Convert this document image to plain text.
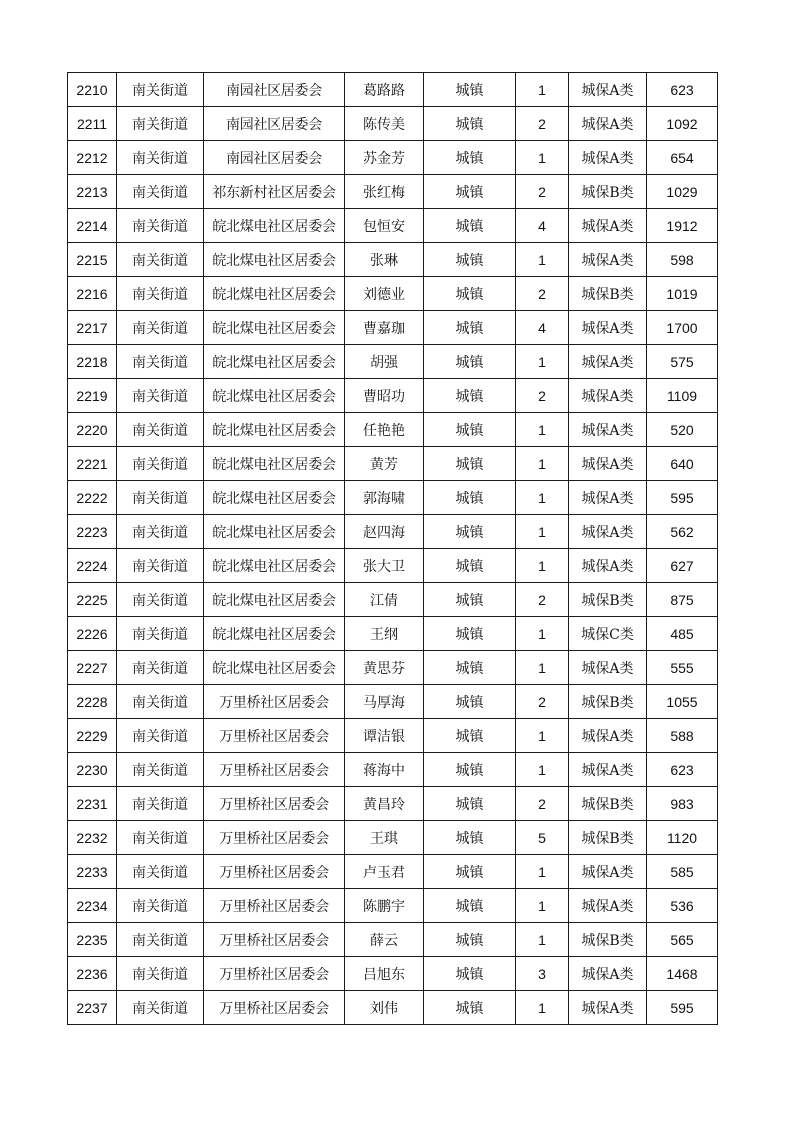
2210	南关街道	南园社区居委会	葛路路	城镇	1	城保A类	623
2211	南关街道	南园社区居委会	陈传美	城镇	2	城保A类	1092
2212	南关街道	南园社区居委会	苏金芳	城镇	1	城保A类	654
2213	南关街道	祁东新村社区居委会	张红梅	城镇	2	城保B类	1029
2214	南关街道	皖北煤电社区居委会	包恒安	城镇	4	城保A类	1912
2215	南关街道	皖北煤电社区居委会	张琳	城镇	1	城保A类	598
2216	南关街道	皖北煤电社区居委会	刘德业	城镇	2	城保B类	1019
2217	南关街道	皖北煤电社区居委会	曹嘉珈	城镇	4	城保A类	1700
2218	南关街道	皖北煤电社区居委会	胡强	城镇	1	城保A类	575
2219	南关街道	皖北煤电社区居委会	曹昭功	城镇	2	城保A类	1109
2220	南关街道	皖北煤电社区居委会	任艳艳	城镇	1	城保A类	520
2221	南关街道	皖北煤电社区居委会	黄芳	城镇	1	城保A类	640
2222	南关街道	皖北煤电社区居委会	郭海啸	城镇	1	城保A类	595
2223	南关街道	皖北煤电社区居委会	赵四海	城镇	1	城保A类	562
2224	南关街道	皖北煤电社区居委会	张大卫	城镇	1	城保A类	627
2225	南关街道	皖北煤电社区居委会	江倩	城镇	2	城保B类	875
2226	南关街道	皖北煤电社区居委会	王纲	城镇	1	城保C类	485
2227	南关街道	皖北煤电社区居委会	黄思芬	城镇	1	城保A类	555
2228	南关街道	万里桥社区居委会	马厚海	城镇	2	城保B类	1055
2229	南关街道	万里桥社区居委会	谭洁银	城镇	1	城保A类	588
2230	南关街道	万里桥社区居委会	蒋海中	城镇	1	城保A类	623
2231	南关街道	万里桥社区居委会	黄昌玲	城镇	2	城保B类	983
2232	南关街道	万里桥社区居委会	王琪	城镇	5	城保B类	1120
2233	南关街道	万里桥社区居委会	卢玉君	城镇	1	城保A类	585
2234	南关街道	万里桥社区居委会	陈鹏宇	城镇	1	城保A类	536
2235	南关街道	万里桥社区居委会	薛云	城镇	1	城保B类	565
2236	南关街道	万里桥社区居委会	吕旭东	城镇	3	城保A类	1468
2237	南关街道	万里桥社区居委会	刘伟	城镇	1	城保A类	595
